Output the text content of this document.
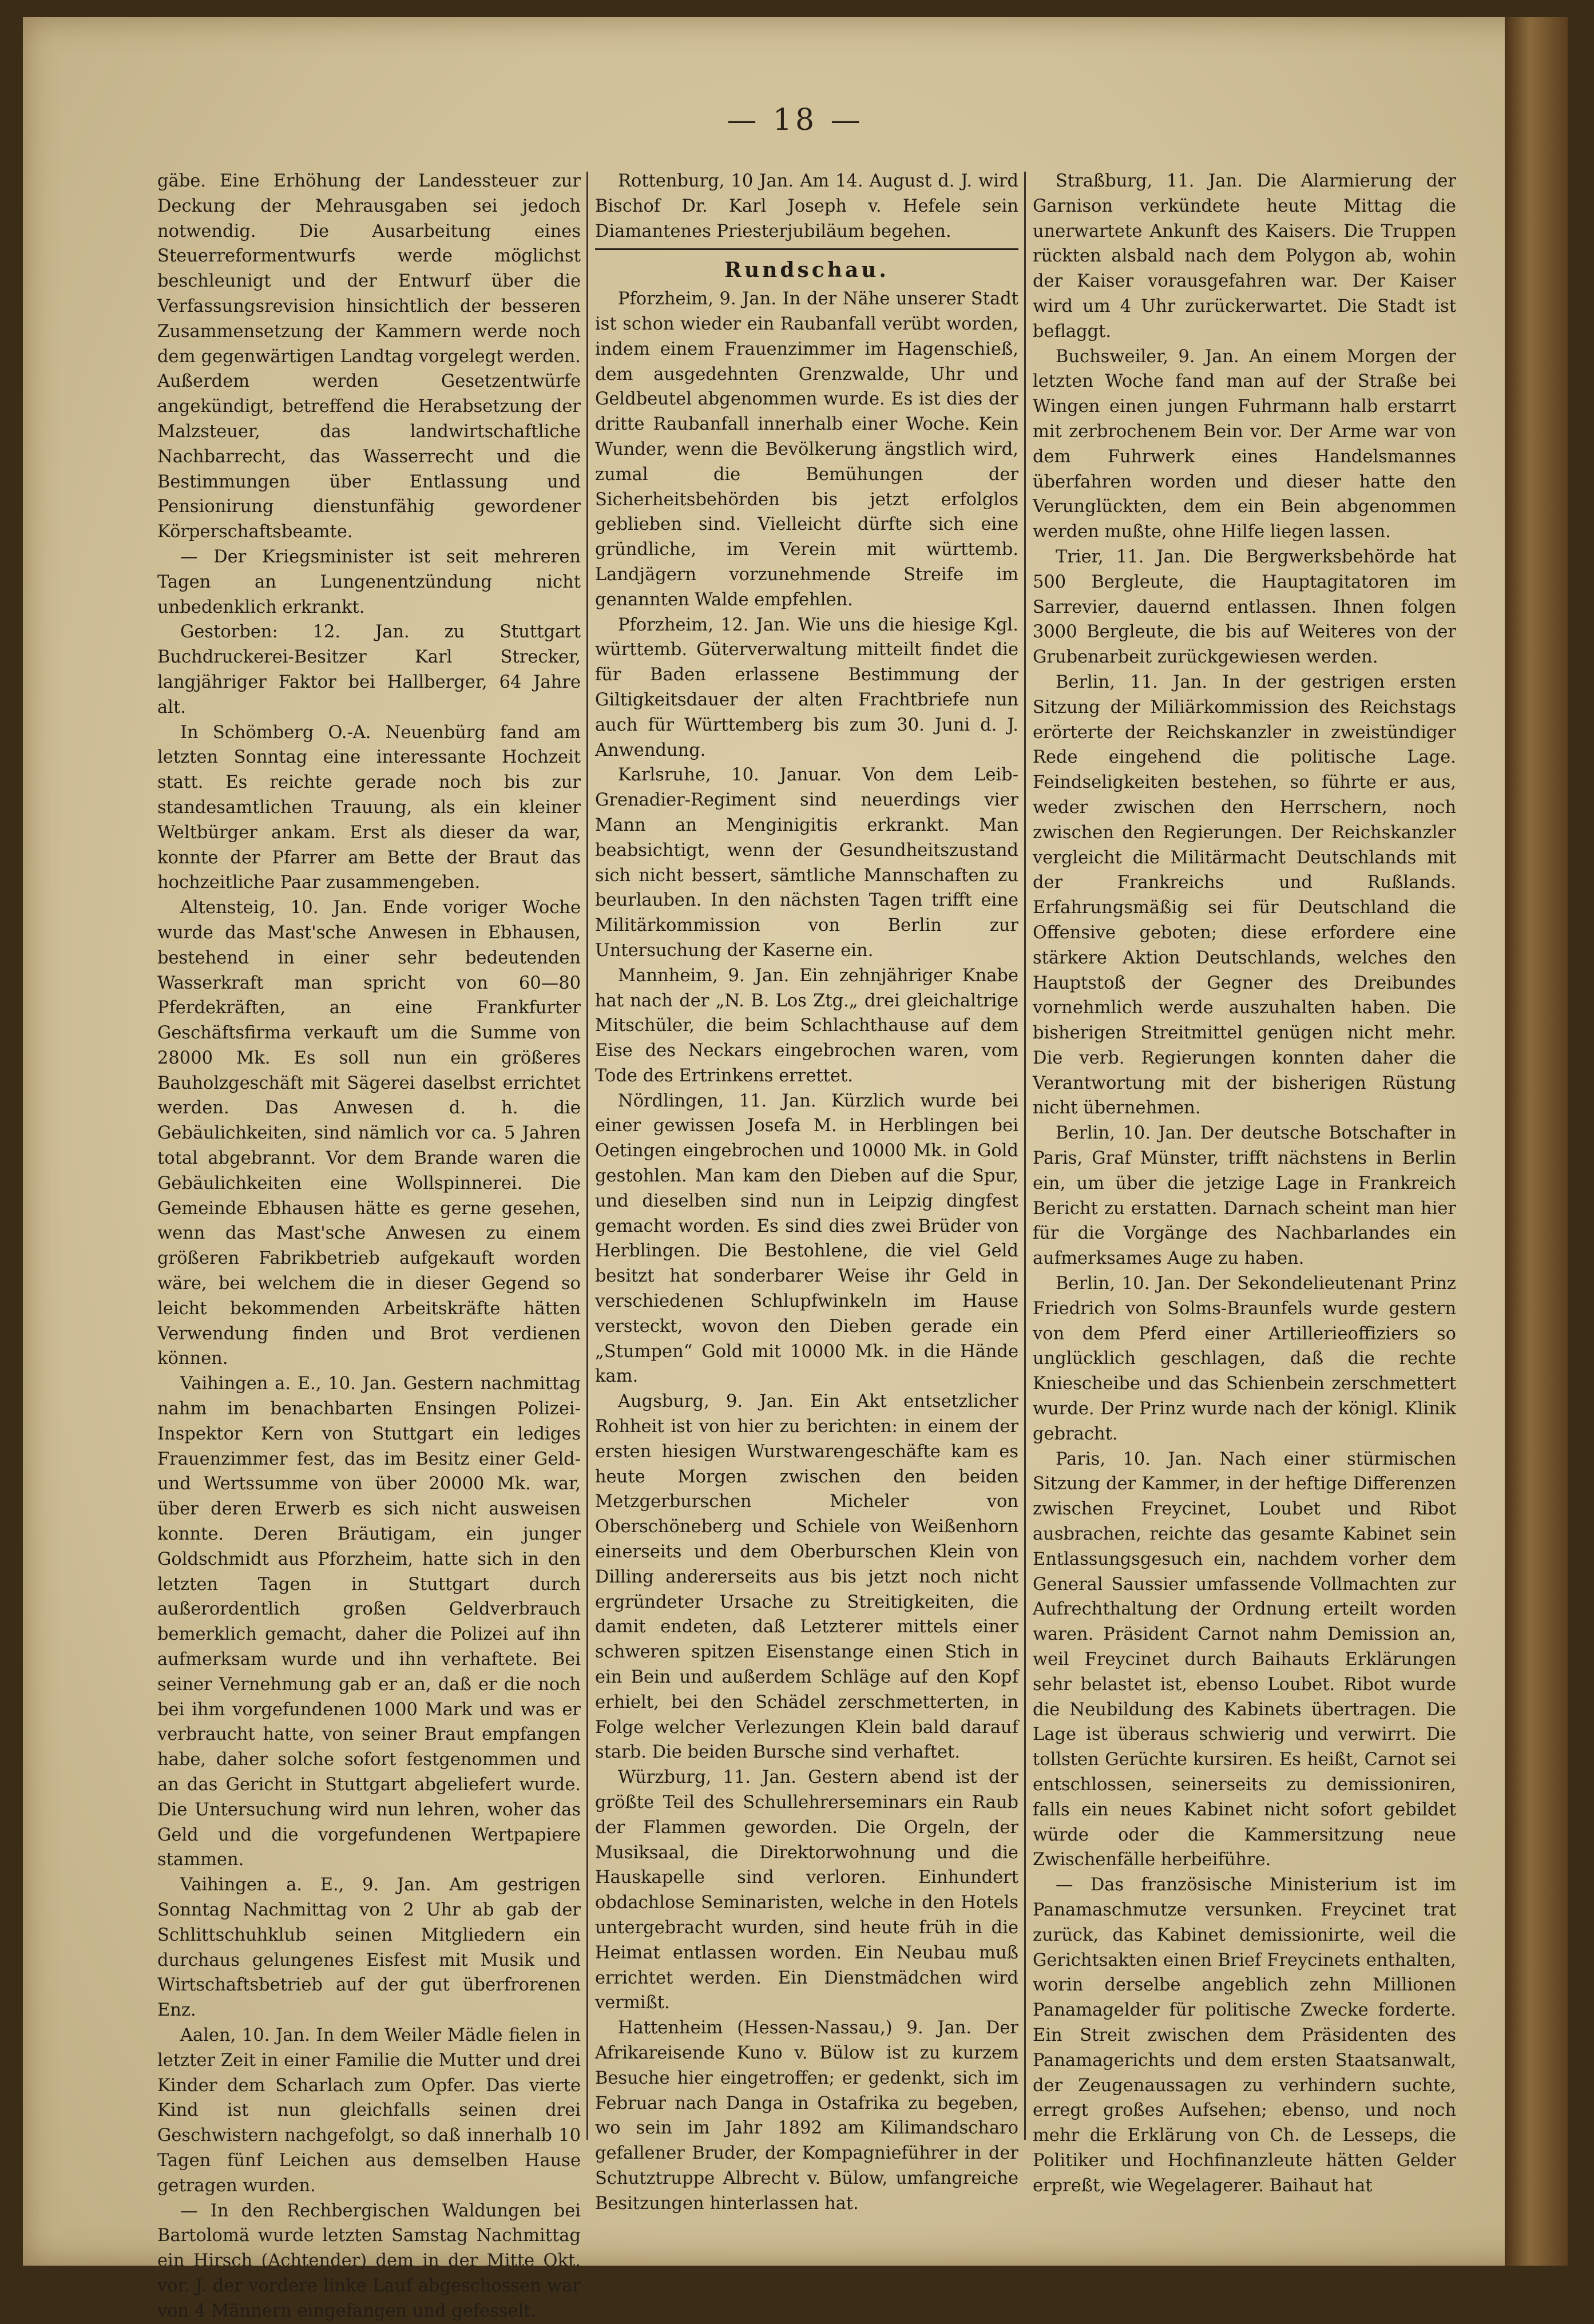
— 18 —

gäbe. Eine Erhöhung der Landessteuer zur Deckung der Mehrausgaben sei jedoch notwendig. Die Ausarbeitung eines Steuerreformentwurfs werde möglichst beschleunigt und der Entwurf über die Verfassungsrevision hinsichtlich der besseren Zusammensetzung der Kammern werde noch dem gegenwärtigen Landtag vorgelegt werden. Außerdem werden Gesetzentwürfe angekündigt, betreffend die Herabsetzung der Malzsteuer, das landwirtschaftliche Nachbarrecht, das Wasserrecht und die Bestimmungen über Entlassung und Pensionirung dienstunfähig gewordener Körperschaftsbeamte.

— Der Kriegsminister ist seit mehreren Tagen an Lungenentzündung nicht unbedenklich erkrankt.

Gestorben: 12. Jan. zu Stuttgart Buchdruckerei-Besitzer Karl Strecker, langjähriger Faktor bei Hallberger, 64 Jahre alt.

In Schömberg O.-A. Neuenbürg fand am letzten Sonntag eine interessante Hochzeit statt. Es reichte gerade noch bis zur standesamtlichen Trauung, als ein kleiner Weltbürger ankam. Erst als dieser da war, konnte der Pfarrer am Bette der Braut das hochzeitliche Paar zusammengeben.

Altensteig, 10. Jan. Ende voriger Woche wurde das Mast'sche Anwesen in Ebhausen, bestehend in einer sehr bedeutenden Wasserkraft man spricht von 60—80 Pferdekräften, an eine Frankfurter Geschäftsfirma verkauft um die Summe von 28000 Mk. Es soll nun ein größeres Bauholzgeschäft mit Sägerei daselbst errichtet werden. Das Anwesen d. h. die Gebäulichkeiten, sind nämlich vor ca. 5 Jahren total abgebrannt. Vor dem Brande waren die Gebäulichkeiten eine Wollspinnerei. Die Gemeinde Ebhausen hätte es gerne gesehen, wenn das Mast'sche Anwesen zu einem größeren Fabrikbetrieb aufgekauft worden wäre, bei welchem die in dieser Gegend so leicht bekommenden Arbeitskräfte hätten Verwendung finden und Brot verdienen können.

Vaihingen a. E., 10. Jan. Gestern nachmittag nahm im benachbarten Ensingen Polizei-Inspektor Kern von Stuttgart ein lediges Frauenzimmer fest, das im Besitz einer Geld- und Wertssumme von über 20000 Mk. war, über deren Erwerb es sich nicht ausweisen konnte. Deren Bräutigam, ein junger Goldschmidt aus Pforzheim, hatte sich in den letzten Tagen in Stuttgart durch außerordentlich großen Geldverbrauch bemerklich gemacht, daher die Polizei auf ihn aufmerksam wurde und ihn verhaftete. Bei seiner Vernehmung gab er an, daß er die noch bei ihm vorgefundenen 1000 Mark und was er verbraucht hatte, von seiner Braut empfangen habe, daher solche sofort festgenommen und an das Gericht in Stuttgart abgeliefert wurde. Die Untersuchung wird nun lehren, woher das Geld und die vorgefundenen Wertpapiere stammen.

Vaihingen a. E., 9. Jan. Am gestrigen Sonntag Nachmittag von 2 Uhr ab gab der Schlittschuhklub seinen Mitgliedern ein durchaus gelungenes Eisfest mit Musik und Wirtschaftsbetrieb auf der gut überfrorenen Enz.

Aalen, 10. Jan. In dem Weiler Mädle fielen in letzter Zeit in einer Familie die Mutter und drei Kinder dem Scharlach zum Opfer. Das vierte Kind ist nun gleichfalls seinen drei Geschwistern nachgefolgt, so daß innerhalb 10 Tagen fünf Leichen aus demselben Hause getragen wurden.

— In den Rechbergischen Waldungen bei Bartolomä wurde letzten Samstag Nachmittag ein Hirsch (Achtender) dem in der Mitte Okt. vor. J. der vordere linke Lauf abgeschossen war von 4 Männern eingefangen und gefesselt.

Rottenburg, 10 Jan. Am 14. August d. J. wird Bischof Dr. Karl Joseph v. Hefele sein Diamantenes Priesterjubiläum begehen.

Rundschau.

Pforzheim, 9. Jan. In der Nähe unserer Stadt ist schon wieder ein Raubanfall verübt worden, indem einem Frauenzimmer im Hagenschieß, dem ausgedehnten Grenzwalde, Uhr und Geldbeutel abgenommen wurde. Es ist dies der dritte Raubanfall innerhalb einer Woche. Kein Wunder, wenn die Bevölkerung ängstlich wird, zumal die Bemühungen der Sicherheitsbehörden bis jetzt erfolglos geblieben sind. Vielleicht dürfte sich eine gründliche, im Verein mit württemb. Landjägern vorzunehmende Streife im genannten Walde empfehlen.

Pforzheim, 12. Jan. Wie uns die hiesige Kgl. württemb. Güterverwaltung mitteilt findet die für Baden erlassene Bestimmung der Giltigkeitsdauer der alten Frachtbriefe nun auch für Württemberg bis zum 30. Juni d. J. Anwendung.

Karlsruhe, 10. Januar. Von dem Leib-Grenadier-Regiment sind neuerdings vier Mann an Menginigitis erkrankt. Man beabsichtigt, wenn der Gesundheitszustand sich nicht bessert, sämtliche Mannschaften zu beurlauben. In den nächsten Tagen trifft eine Militärkommission von Berlin zur Untersuchung der Kaserne ein.

Mannheim, 9. Jan. Ein zehnjähriger Knabe hat nach der „N. B. Los Ztg.„ drei gleichaltrige Mitschüler, die beim Schlachthause auf dem Eise des Neckars eingebrochen waren, vom Tode des Ertrinkens errettet.

Nördlingen, 11. Jan. Kürzlich wurde bei einer gewissen Josefa M. in Herblingen bei Oetingen eingebrochen und 10000 Mk. in Gold gestohlen. Man kam den Dieben auf die Spur, und dieselben sind nun in Leipzig dingfest gemacht worden. Es sind dies zwei Brüder von Herblingen. Die Bestohlene, die viel Geld besitzt hat sonderbarer Weise ihr Geld in verschiedenen Schlupfwinkeln im Hause versteckt, wovon den Dieben gerade ein „Stumpen“ Gold mit 10000 Mk. in die Hände kam.

Augsburg, 9. Jan. Ein Akt entsetzlicher Rohheit ist von hier zu berichten: in einem der ersten hiesigen Wurstwarengeschäfte kam es heute Morgen zwischen den beiden Metzgerburschen Micheler von Oberschöneberg und Schiele von Weißenhorn einerseits und dem Oberburschen Klein von Dilling andererseits aus bis jetzt noch nicht ergründeter Ursache zu Streitigkeiten, die damit endeten, daß Letzterer mittels einer schweren spitzen Eisenstange einen Stich in ein Bein und außerdem Schläge auf den Kopf erhielt, bei den Schädel zerschmetterten, in Folge welcher Verlezungen Klein bald darauf starb. Die beiden Bursche sind verhaftet.

Würzburg, 11. Jan. Gestern abend ist der größte Teil des Schullehrerseminars ein Raub der Flammen geworden. Die Orgeln, der Musiksaal, die Direktorwohnung und die Hauskapelle sind verloren. Einhundert obdachlose Seminaristen, welche in den Hotels untergebracht wurden, sind heute früh in die Heimat entlassen worden. Ein Neubau muß errichtet werden. Ein Dienstmädchen wird vermißt.

Hattenheim (Hessen-Nassau,) 9. Jan. Der Afrikareisende Kuno v. Bülow ist zu kurzem Besuche hier eingetroffen; er gedenkt, sich im Februar nach Danga in Ostafrika zu begeben, wo sein im Jahr 1892 am Kilimandscharo gefallener Bruder, der Kompagnieführer in der Schutztruppe Albrecht v. Bülow, umfangreiche Besitzungen hinterlassen hat.

Straßburg, 11. Jan. Die Alarmierung der Garnison verkündete heute Mittag die unerwartete Ankunft des Kaisers. Die Truppen rückten alsbald nach dem Polygon ab, wohin der Kaiser vorausgefahren war. Der Kaiser wird um 4 Uhr zurückerwartet. Die Stadt ist beflaggt.

Buchsweiler, 9. Jan. An einem Morgen der letzten Woche fand man auf der Straße bei Wingen einen jungen Fuhrmann halb erstarrt mit zerbrochenem Bein vor. Der Arme war von dem Fuhrwerk eines Handelsmannes überfahren worden und dieser hatte den Verunglückten, dem ein Bein abgenommen werden mußte, ohne Hilfe liegen lassen.

Trier, 11. Jan. Die Bergwerksbehörde hat 500 Bergleute, die Hauptagitatoren im Sarrevier, dauernd entlassen. Ihnen folgen 3000 Bergleute, die bis auf Weiteres von der Grubenarbeit zurückgewiesen werden.

Berlin, 11. Jan. In der gestrigen ersten Sitzung der Miliärkommission des Reichstags erörterte der Reichskanzler in zweistündiger Rede eingehend die politische Lage. Feindseligkeiten bestehen, so führte er aus, weder zwischen den Herrschern, noch zwischen den Regierungen. Der Reichskanzler vergleicht die Militärmacht Deutschlands mit der Frankreichs und Rußlands. Erfahrungsmäßig sei für Deutschland die Offensive geboten; diese erfordere eine stärkere Aktion Deutschlands, welches den Hauptstoß der Gegner des Dreibundes vornehmlich werde auszuhalten haben. Die bisherigen Streitmittel genügen nicht mehr. Die verb. Regierungen konnten daher die Verantwortung mit der bisherigen Rüstung nicht übernehmen.

Berlin, 10. Jan. Der deutsche Botschafter in Paris, Graf Münster, trifft nächstens in Berlin ein, um über die jetzige Lage in Frankreich Bericht zu erstatten. Darnach scheint man hier für die Vorgänge des Nachbarlandes ein aufmerksames Auge zu haben.

Berlin, 10. Jan. Der Sekondelieutenant Prinz Friedrich von Solms-Braunfels wurde gestern von dem Pferd einer Artillerieoffiziers so unglücklich geschlagen, daß die rechte Kniescheibe und das Schienbein zerschmettert wurde. Der Prinz wurde nach der königl. Klinik gebracht.

Paris, 10. Jan. Nach einer stürmischen Sitzung der Kammer, in der heftige Differenzen zwischen Freycinet, Loubet und Ribot ausbrachen, reichte das gesamte Kabinet sein Entlassungsgesuch ein, nachdem vorher dem General Saussier umfassende Vollmachten zur Aufrechthaltung der Ordnung erteilt worden waren. Präsident Carnot nahm Demission an, weil Freycinet durch Baihauts Erklärungen sehr belastet ist, ebenso Loubet. Ribot wurde die Neubildung des Kabinets übertragen. Die Lage ist überaus schwierig und verwirrt. Die tollsten Gerüchte kursiren. Es heißt, Carnot sei entschlossen, seinerseits zu demissioniren, falls ein neues Kabinet nicht sofort gebildet würde oder die Kammersitzung neue Zwischenfälle herbeiführe.

— Das französische Ministerium ist im Panamaschmutze versunken. Freycinet trat zurück, das Kabinet demissionirte, weil die Gerichtsakten einen Brief Freycinets enthalten, worin derselbe angeblich zehn Millionen Panamagelder für politische Zwecke forderte. Ein Streit zwischen dem Präsidenten des Panamagerichts und dem ersten Staatsanwalt, der Zeugenaussagen zu verhindern suchte, erregt großes Aufsehen; ebenso, und noch mehr die Erklärung von Ch. de Lesseps, die Politiker und Hochfinanzleute hätten Gelder erpreßt, wie Wegelagerer. Baihaut hat
